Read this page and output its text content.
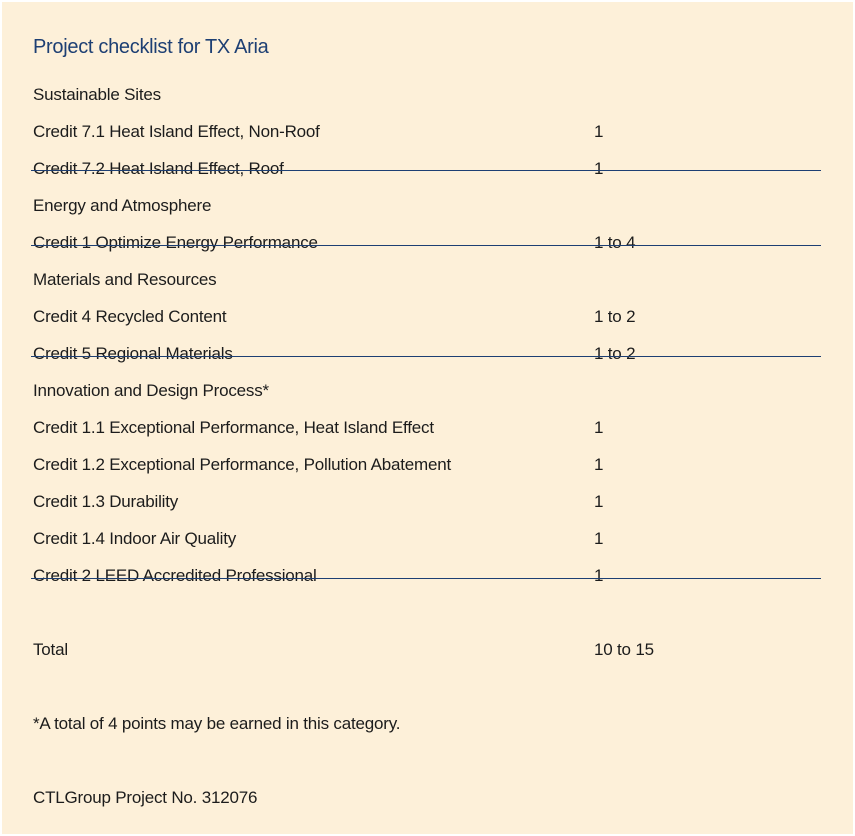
Project checklist for TX Aria
Sustainable Sites
Credit 7.1 Heat Island Effect, Non-Roof	1
Credit 7.2 Heat Island Effect, Roof	1
Energy and Atmosphere
Credit 1 Optimize Energy Performance	1 to 4
Materials and Resources
Credit 4 Recycled Content	1 to 2
Credit 5 Regional Materials	1 to 2
Innovation and Design Process*
Credit 1.1 Exceptional Performance, Heat Island Effect	1
Credit 1.2 Exceptional Performance, Pollution Abatement	1
Credit 1.3 Durability	1
Credit 1.4 Indoor Air Quality	1
Credit 2 LEED Accredited Professional	1
Total	10 to 15
*A total of 4 points may be earned in this category.
CTLGroup Project No. 312076
